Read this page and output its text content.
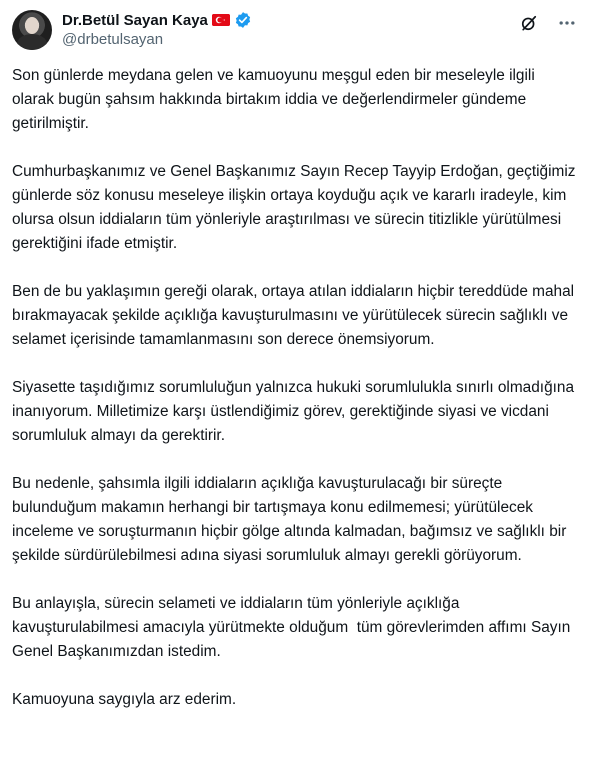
Dr.Betül Sayan Kaya
@drbetulsayan

Son günlerde meydana gelen ve kamuoyunu meşgul eden bir meseleyle ilgili olarak bugün şahsım hakkında birtakım iddia ve değerlendirmeler gündeme getirilmiştir.

Cumhurbaşkanımız ve Genel Başkanımız Sayın Recep Tayyip Erdoğan, geçtiğimiz günlerde söz konusu meseleye ilişkin ortaya koyduğu açık ve kararlı iradeyle, kim olursa olsun iddiaların tüm yönleriyle araştırılması ve sürecin titizlikle yürütülmesi gerektiğini ifade etmiştir.

Ben de bu yaklaşımın gereği olarak, ortaya atılan iddiaların hiçbir tereddüde mahal bırakmayacak şekilde açıklığa kavuşturulmasını ve yürütülecek sürecin sağlıklı ve selamet içerisinde tamamlanmasını son derece önemsiyorum.

Siyasette taşıdığımız sorumluluğun yalnızca hukuki sorumlulukla sınırlı olmadığına inanıyorum. Milletimize karşı üstlendiğimiz görev, gerektiğinde siyasi ve vicdani sorumluluk almayı da gerektirir.

Bu nedenle, şahsımla ilgili iddiaların açıklığa kavuşturulacağı bir süreçte bulunduğum makamın herhangi bir tartışmaya konu edilmemesi; yürütülecek inceleme ve soruşturmanın hiçbir gölge altında kalmadan, bağımsız ve sağlıklı bir şekilde sürdürülebilmesi adına siyasi sorumluluk almayı gerekli görüyorum.

Bu anlayışla, sürecin selameti ve iddiaların tüm yönleriyle açıklığa kavuşturulabilmesi amacıyla yürütmekte olduğum  tüm görevlerimden affımı Sayın Genel Başkanımızdan istedim.

Kamuoyuna saygıyla arz ederim.
